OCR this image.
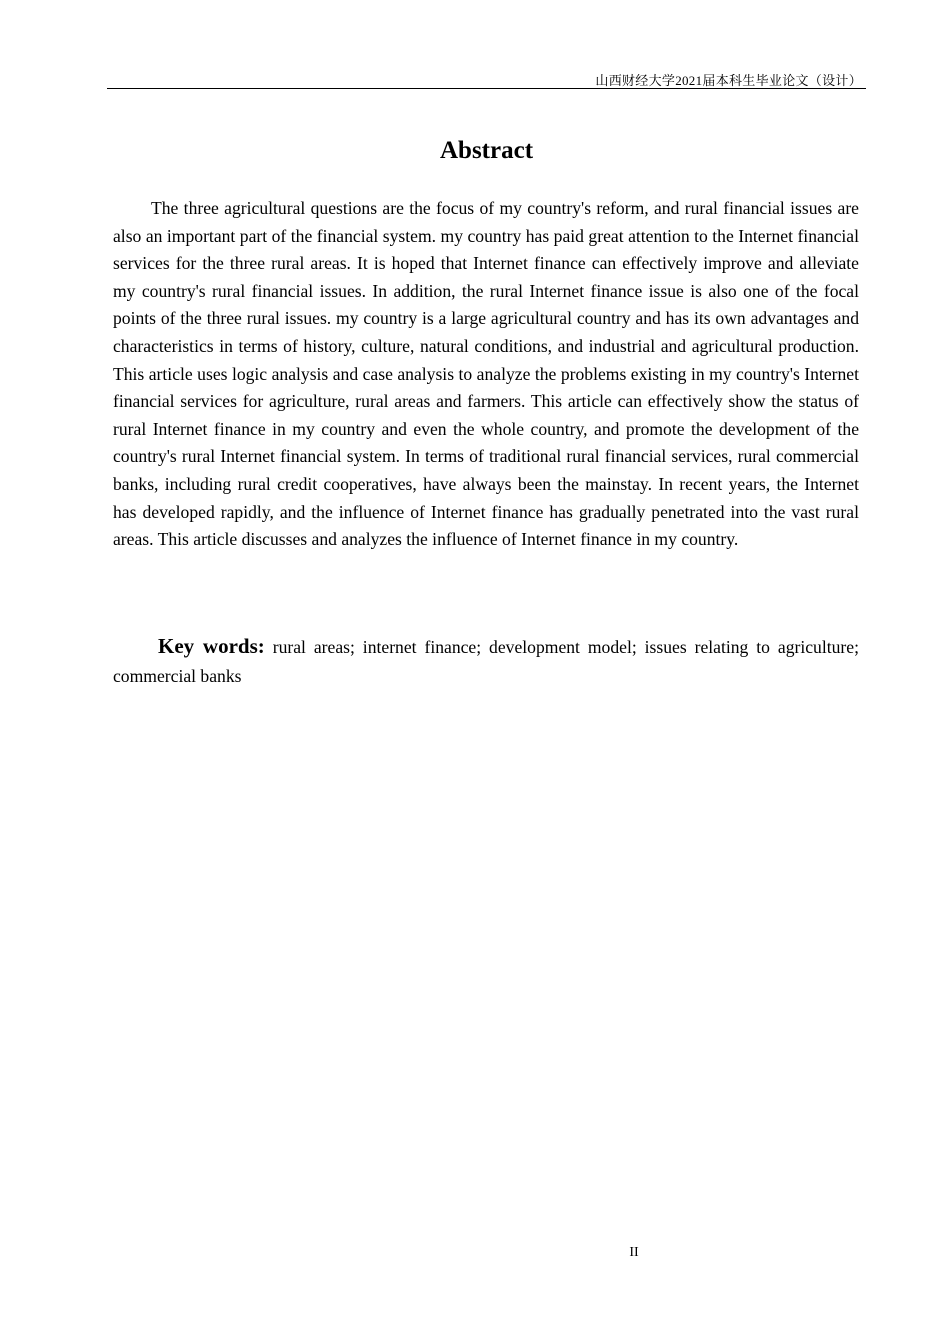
山西财经大学2021届本科生毕业论文（设计）
Abstract

The three agricultural questions are the focus of my country's reform, and rural financial issues are also an important part of the financial system. my country has paid great attention to the Internet financial services for the three rural areas. It is hoped that Internet finance can effectively improve and alleviate my country's rural financial issues. In addition, the rural Internet finance issue is also one of the focal points of the three rural issues. my country is a large agricultural country and has its own advantages and characteristics in terms of history, culture, natural conditions, and industrial and agricultural production. This article uses logic analysis and case analysis to analyze the problems existing in my country's Internet financial services for agriculture, rural areas and farmers. This article can effectively show the status of rural Internet finance in my country and even the whole country, and promote the development of the country's rural Internet financial system. In terms of traditional rural financial services, rural commercial banks, including rural credit cooperatives, have always been the mainstay. In recent years, the Internet has developed rapidly, and the influence of Internet finance has gradually penetrated into the vast rural areas. This article discusses and analyzes the influence of Internet finance in my country.

Key words: rural areas; internet finance; development model; issues relating to agriculture; commercial banks

II
